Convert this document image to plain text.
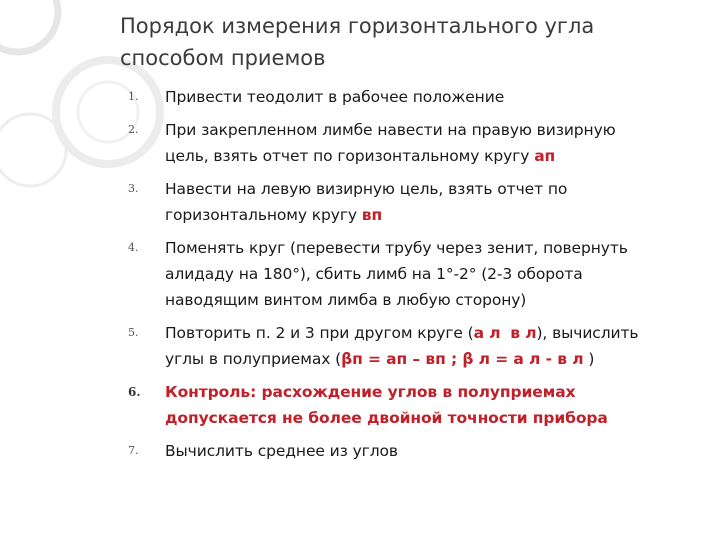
Порядок измерения горизонтального угла
способом приемов
1. Привести теодолит в рабочее положение
2. При закрепленном лимбе навести на правую визирную
цель, взять отчет по горизонтальному кругу ап
3. Навести на левую визирную цель, взять отчет по
горизонтальному кругу вп
4. Поменять круг (перевести трубу через зенит, повернуть
алидаду на 180°), сбить лимб на 1°-2° (2-3 оборота
наводящим винтом лимба в любую сторону)
5. Повторить п. 2 и 3 при другом круге (а л в л), вычислить
углы в полуприемах (βп = ап – вп ; β л = а л - в л )
6. Контроль: расхождение углов в полуприемах
допускается не более двойной точности прибора
7. Вычислить среднее из углов
